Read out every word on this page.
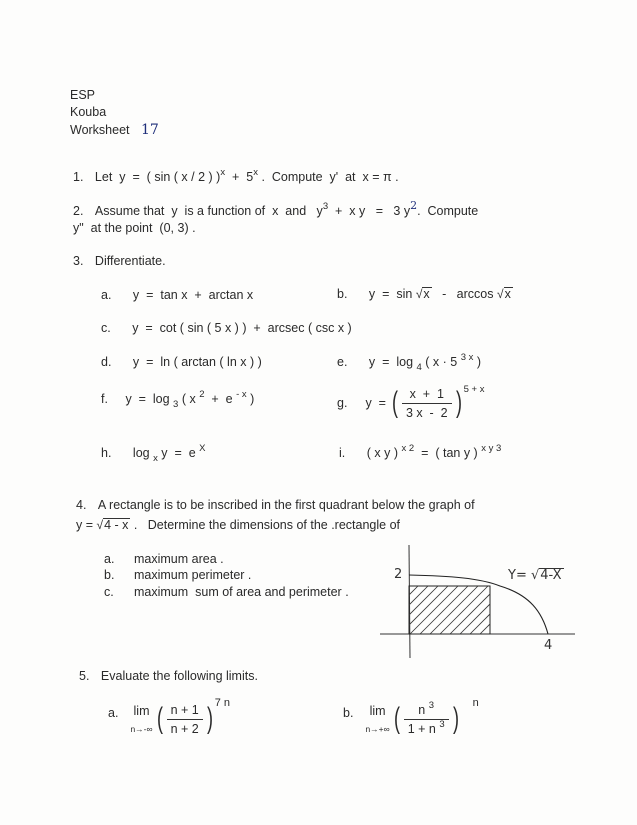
ESP
Kouba
Worksheet 17
1. Let  y  =  ( sin ( x / 2 ) )$^x$  +  5$^x$ .  Compute  y'  at  x = π .
2. Assume that  y  is a function of  x  and   $y^3 + x$ y   =   3 $y^2$.  Compute
y"  at the point  (0, 3) .
3. Differentiate.
a. y  =  tan x  +  arctan x	b. y  =  sin √x   -   arccos √x
c. y  =  cot ( sin ( 5 x ) )  +  arcsec ( csc x )
d. y  =  ln ( arctan ( ln x ) )	e. y  =  log $_4$ ( x · 5 $^{3 x}$ )
f. y  =  log $_3$ ( x $^2$  +  e $^{- x}$ )	g. y  = ( $\frac{x + 1}{3 x - 2}$ ) 5 + x
h. log $_x$ y  =  e $^X$	i. ( x y ) $^{x 2}$  =  ( tan y ) $^{x y 3}$
4. A rectangle is to be inscribed in the first quadrant below the graph of
y = √4 - x .   Determine the dimensions of the .rectangle of
a. maximum area .
b. maximum perimeter .
c. maximum  sum of area and perimeter .
2
4
Y= √4-X
5. Evaluate the following limits.
a. lim
n→-∞ ( $\frac{n + 1}{n + 2}$ ) 7 n
b.	lim
n→+∞ ( $\frac{n ^3}{1 + n ^3}$ ) n
